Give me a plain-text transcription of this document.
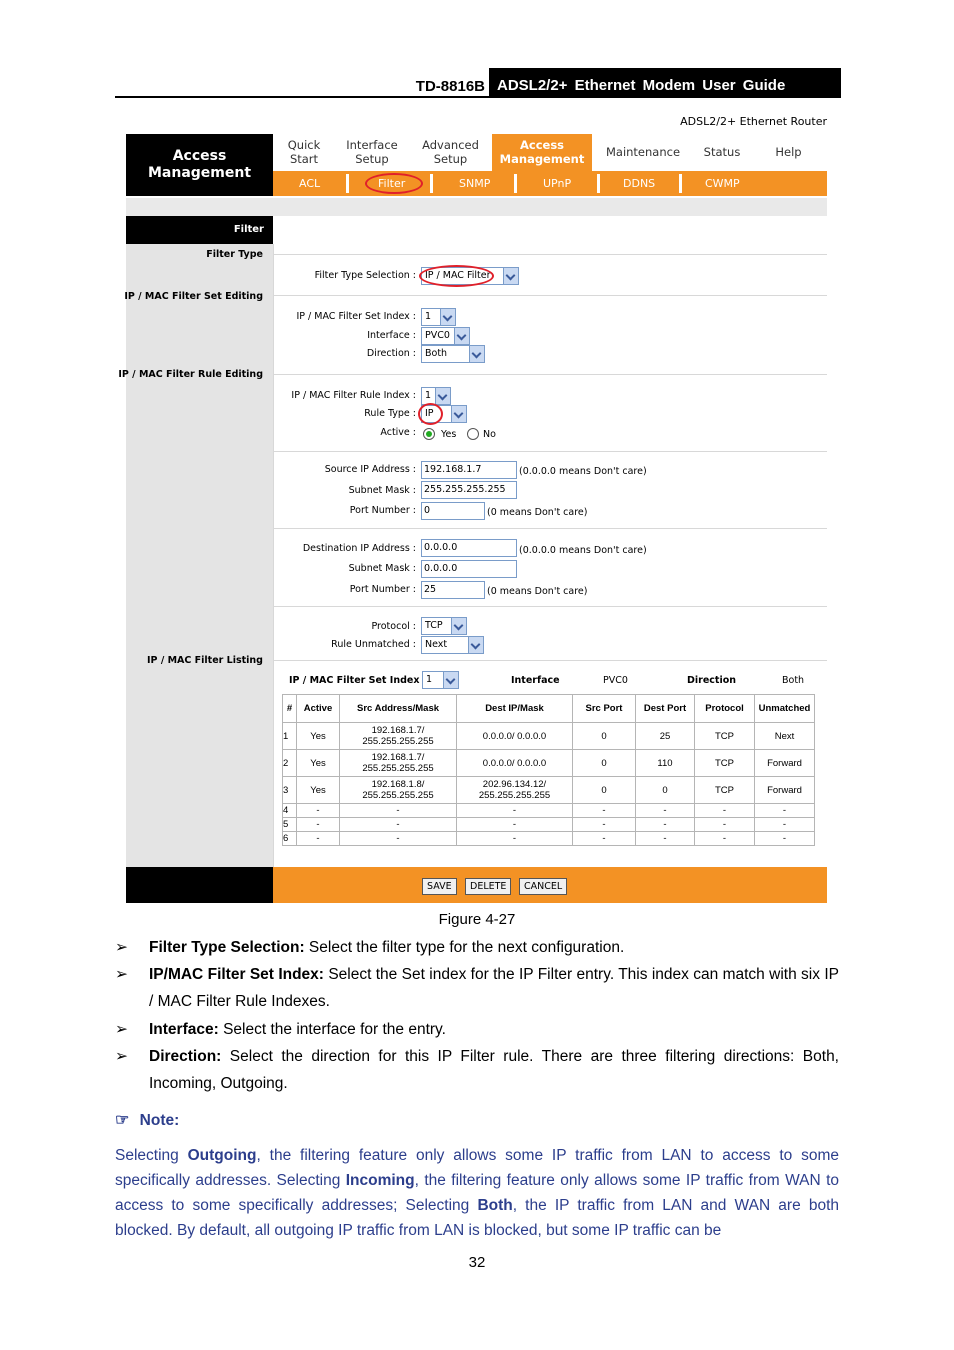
TD-8816B ADSL2/2+ Ethernet Modem User Guide
ADSL2/2+ Ethernet Router
Access
Management
Quick
Start
Interface
Setup
Advanced
Setup
Access
Management	Maintenance	Status	Help
ACL	Filter	SNMP	UPnP	DDNS	CWMP
Filter
Filter Type
IP / MAC Filter Set Editing
IP / MAC Filter Rule Editing
IP / MAC Filter Listing
Filter Type Selection : IP / MAC Filter
IP / MAC Filter Set Index : 1
Interface : PVC0
Direction : Both
IP / MAC Filter Rule Index : 1
Rule Type : IP
Active :	Yes	No
Source IP Address : 192.168.1.7	(0.0.0.0 means Don't care)
Subnet Mask : 255.255.255.255
Port Number : 0	(0 means Don't care)
Destination IP Address : 0.0.0.0	(0.0.0.0 means Don't care)
Subnet Mask : 0.0.0.0
Port Number : 25	(0 means Don't care)
Protocol : TCP
Rule Unmatched : Next
IP / MAC Filter Set Index 1	Interface	PVC0	Direction	Both
SAVE	DELETE	CANCEL
#	Active	Src Address/Mask	Dest IP/Mask	Src Port	Dest Port	Protocol	Unmatched
1	Yes	192.168.1.7/ 255.255.255.255	0.0.0.0/ 0.0.0.0	0	25	TCP	Next
2	Yes	192.168.1.7/ 255.255.255.255	0.0.0.0/ 0.0.0.0	0	110	TCP	Forward
3	Yes	192.168.1.8/ 255.255.255.255	202.96.134.12/ 255.255.255.255	0	0	TCP	Forward
4	-	-	-	-	-	-	-
5	-	-	-	-	-	-	-
6	-	-	-	-	-	-	-
Figure 4-27
➢ Filter Type Selection: Select the filter type for the next configuration.
➢ IP/MAC Filter Set Index: Select the Set index for the IP Filter entry. This index can match with six IP / MAC Filter Rule Indexes.
➢ Interface: Select the interface for the entry.
➢ Direction: Select the direction for this IP Filter rule. There are three filtering directions: Both, Incoming, Outgoing.
☞ Note:
Selecting Outgoing, the filtering feature only allows some IP traffic from LAN to access to some specifically addresses. Selecting Incoming, the filtering feature only allows some IP traffic from WAN to access to some specifically addresses; Selecting Both, the IP traffic from LAN and WAN are both blocked. By default, all outgoing IP traffic from LAN is blocked, but some IP traffic can be
32
